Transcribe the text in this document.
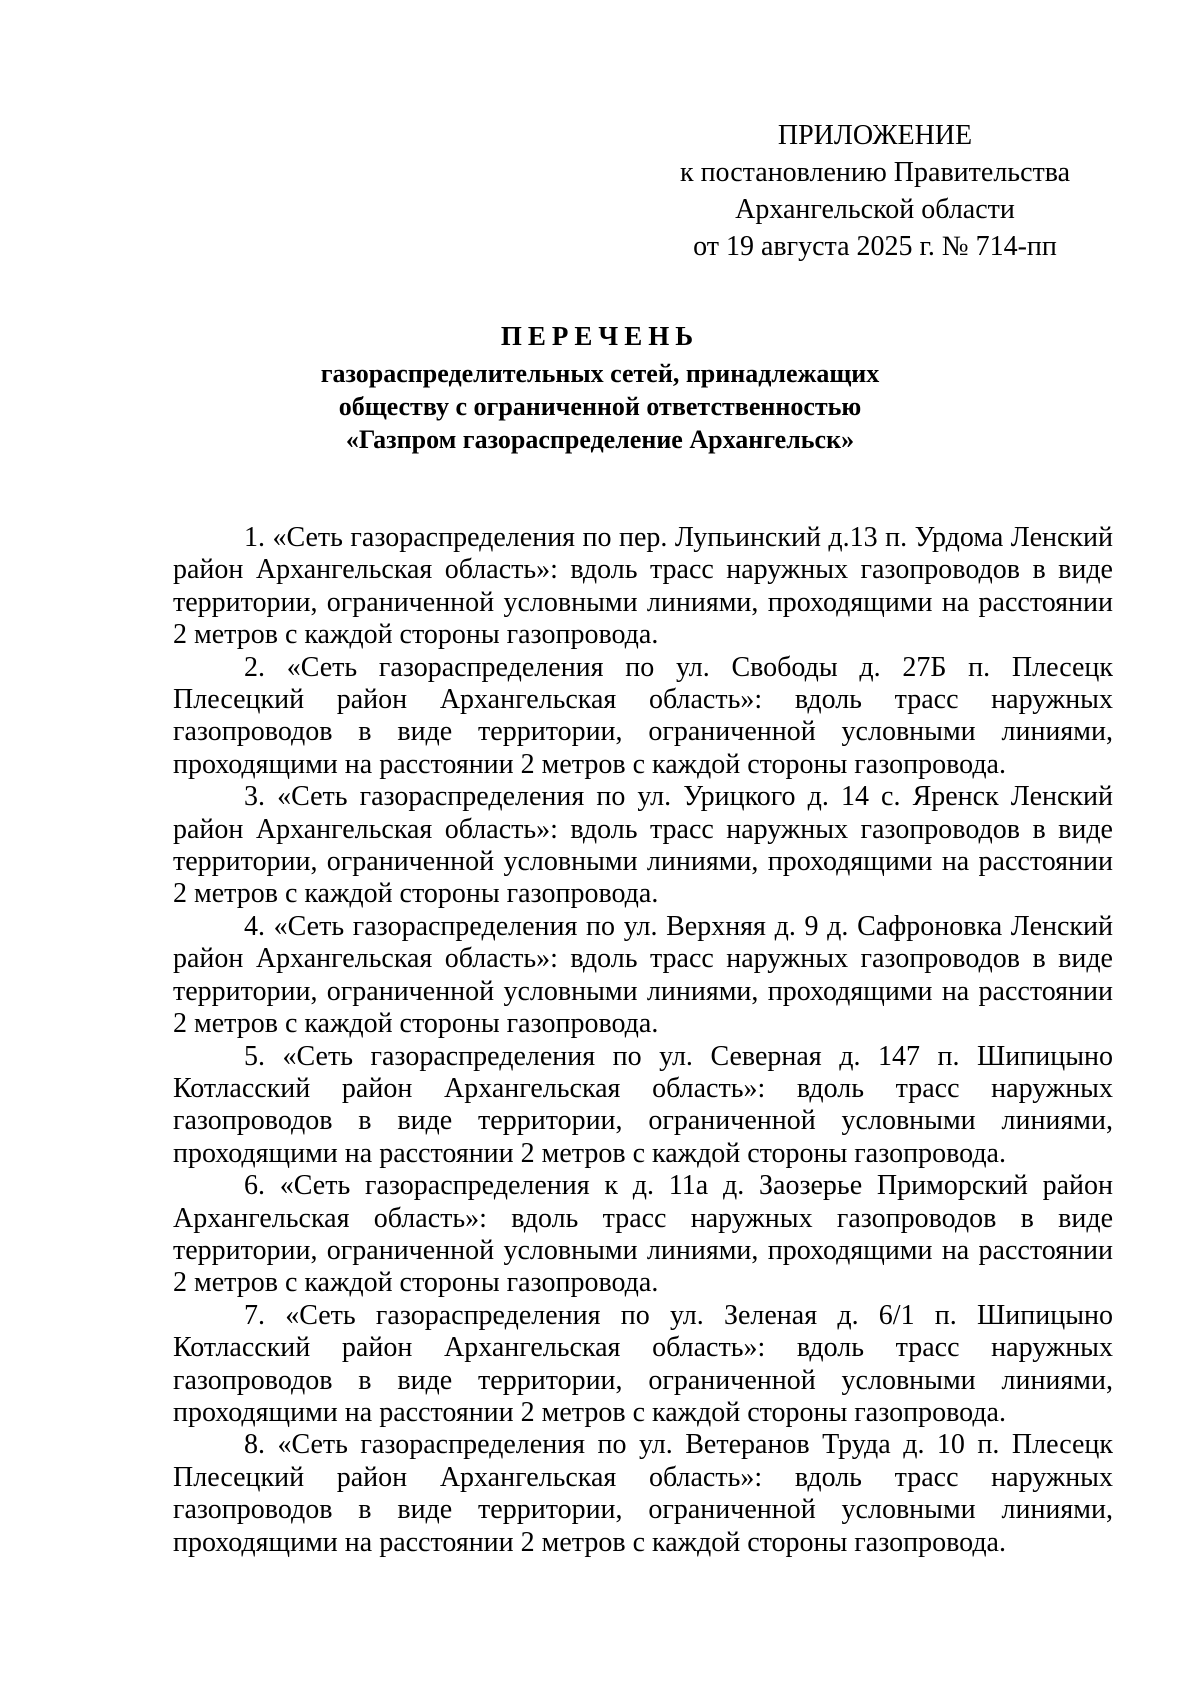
ПРИЛОЖЕНИЕ
к постановлению Правительства
Архангельской области
от 19 августа 2025 г. № 714-пп
ПЕРЕЧЕНЬ
газораспределительных сетей, принадлежащих
обществу с ограниченной ответственностью
«Газпром газораспределение Архангельск»

1. «Сеть газораспределения по пер. Лупьинский д.13 п. Урдома Ленский район Архангельская область»: вдоль трасс наружных газопроводов в виде территории, ограниченной условными линиями, проходящими на расстоянии 2 метров с каждой стороны газопровода.

2. «Сеть газораспределения по ул. Свободы д. 27Б п. Плесецк Плесецкий район Архангельская область»: вдоль трасс наружных газопроводов в виде территории, ограниченной условными линиями, проходящими на расстоянии 2 метров с каждой стороны газопровода.

3. «Сеть газораспределения по ул. Урицкого д. 14 с. Яренск Ленский район Архангельская область»: вдоль трасс наружных газопроводов в виде территории, ограниченной условными линиями, проходящими на расстоянии 2 метров с каждой стороны газопровода.

4. «Сеть газораспределения по ул. Верхняя д. 9 д. Сафроновка Ленский район Архангельская область»: вдоль трасс наружных газопроводов в виде территории, ограниченной условными линиями, проходящими на расстоянии 2 метров с каждой стороны газопровода.

5. «Сеть газораспределения по ул. Северная д. 147 п. Шипицыно Котласский район Архангельская область»: вдоль трасс наружных газопроводов в виде территории, ограниченной условными линиями, проходящими на расстоянии 2 метров с каждой стороны газопровода.

6. «Сеть газораспределения к д. 11а д. Заозерье Приморский район Архангельская область»: вдоль трасс наружных газопроводов в виде территории, ограниченной условными линиями, проходящими на расстоянии 2 метров с каждой стороны газопровода.

7. «Сеть газораспределения по ул. Зеленая д. 6/1 п. Шипицыно Котласский район Архангельская область»: вдоль трасс наружных газопроводов в виде территории, ограниченной условными линиями, проходящими на расстоянии 2 метров с каждой стороны газопровода.

8. «Сеть газораспределения по ул. Ветеранов Труда д. 10 п. Плесецк Плесецкий район Архангельская область»: вдоль трасс наружных газопроводов в виде территории, ограниченной условными линиями, проходящими на расстоянии 2 метров с каждой стороны газопровода.
